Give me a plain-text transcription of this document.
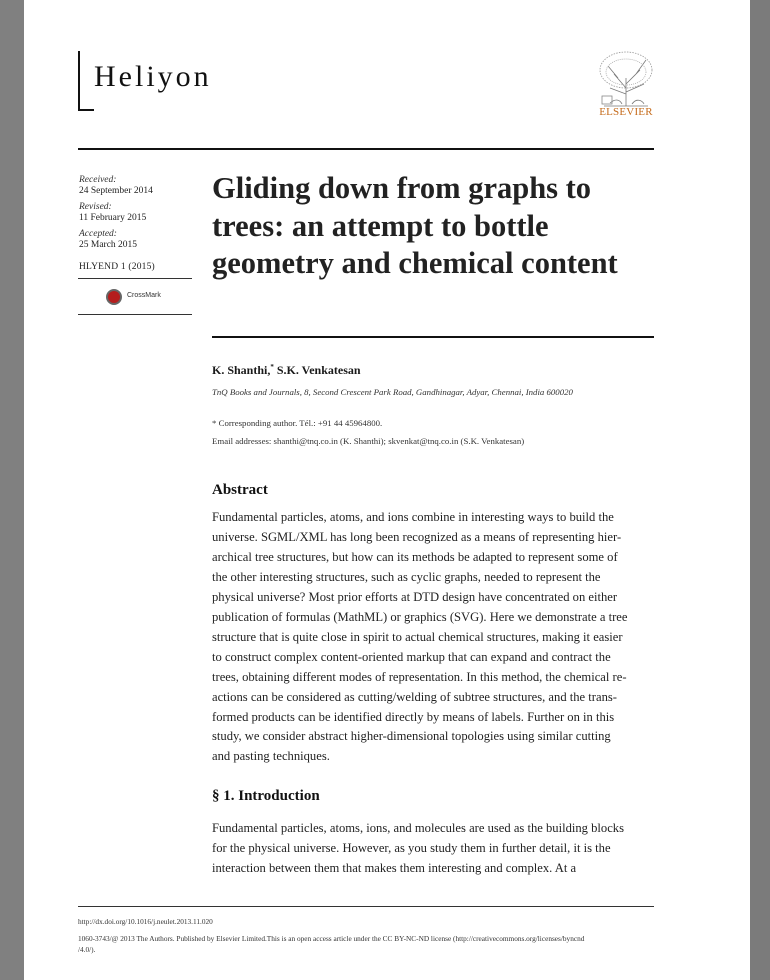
Heliyon
ELSEVIER
Received:
24 September 2014
Revised:
11 February 2015
Accepted:
25 March 2015
HLYEND 1 (2015)
CrossMark
Gliding down from graphs to trees: an attempt to bottle geometry and chemical content
K. Shanthi,* S.K. Venkatesan
TnQ Books and Journals, 8, Second Crescent Park Road, Gandhinagar, Adyar, Chennai, India 600020
* Corresponding author. Tél.: +91 44 45964800.
Email addresses: shanthi@tnq.co.in (K. Shanthi); skvenkat@tnq.co.in (S.K. Venkatesan)
Abstract
Fundamental particles, atoms, and ions combine in interesting ways to build the
universe. SGML/XML has long been recognized as a means of representing hier-
archical tree structures, but how can its methods be adapted to represent some of
the other interesting structures, such as cyclic graphs, needed to represent the
physical universe? Most prior efforts at DTD design have concentrated on either
publication of formulas (MathML) or graphics (SVG). Here we demonstrate a tree
structure that is quite close in spirit to actual chemical structures, making it easier
to construct complex content-oriented markup that can expand and contract the
trees, obtaining different modes of representation. In this method, the chemical re-
actions can be considered as cutting/welding of subtree structures, and the trans-
formed products can be identified directly by means of labels. Further on in this
study, we consider abstract higher-dimensional topologies using similar cutting
and pasting techniques.
§ 1. Introduction
Fundamental particles, atoms, ions, and molecules are used as the building blocks
for the physical universe. However, as you study them in further detail, it is the
interaction between them that makes them interesting and complex. At a
http://dx.doi.org/10.1016/j.neulet.2013.11.020
1060-3743/@ 2013 The Authors. Published by Elsevier Limited.This is an open access article under the CC BY-NC-ND license (http://creativecommons.org/licenses/byncnd
/4.0/).
